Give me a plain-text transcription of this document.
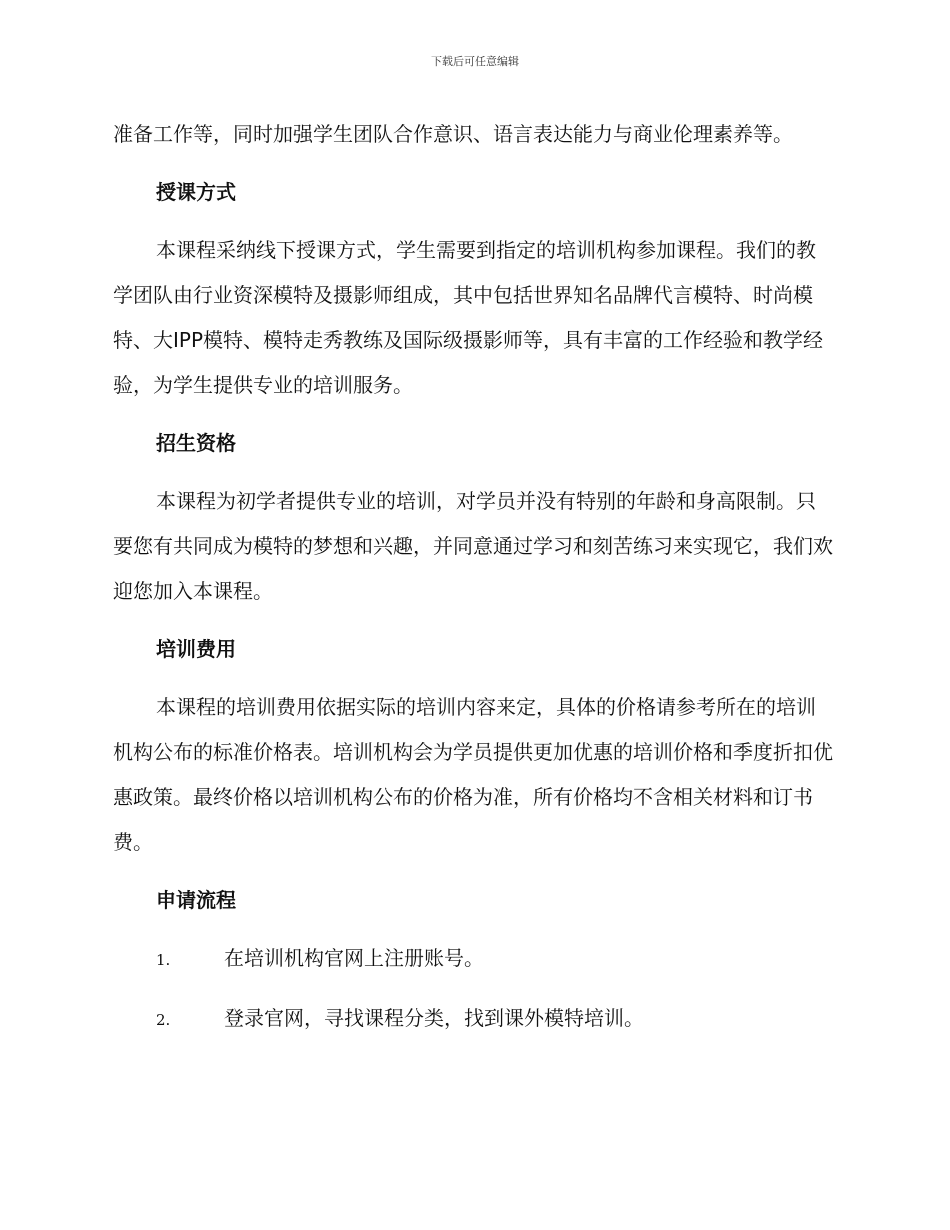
下载后可任意编辑

准备工作等，同时加强学生团队合作意识、语言表达能力与商业伦理素养等。

授课方式

本课程采纳线下授课方式，学生需要到指定的培训机构参加课程。我们的教学团队由行业资深模特及摄影师组成，其中包括世界知名品牌代言模特、时尚模特、大IPP模特、模特走秀教练及国际级摄影师等，具有丰富的工作经验和教学经验，为学生提供专业的培训服务。

招生资格

本课程为初学者提供专业的培训，对学员并没有特别的年龄和身高限制。只要您有共同成为模特的梦想和兴趣，并同意通过学习和刻苦练习来实现它，我们欢迎您加入本课程。

培训费用

本课程的培训费用依据实际的培训内容来定，具体的价格请参考所在的培训机构公布的标准价格表。培训机构会为学员提供更加优惠的培训价格和季度折扣优惠政策。最终价格以培训机构公布的价格为准，所有价格均不含相关材料和订书费。

申请流程
1.	在培训机构官网上注册账号。
2.	登录官网，寻找课程分类，找到课外模特培训。
